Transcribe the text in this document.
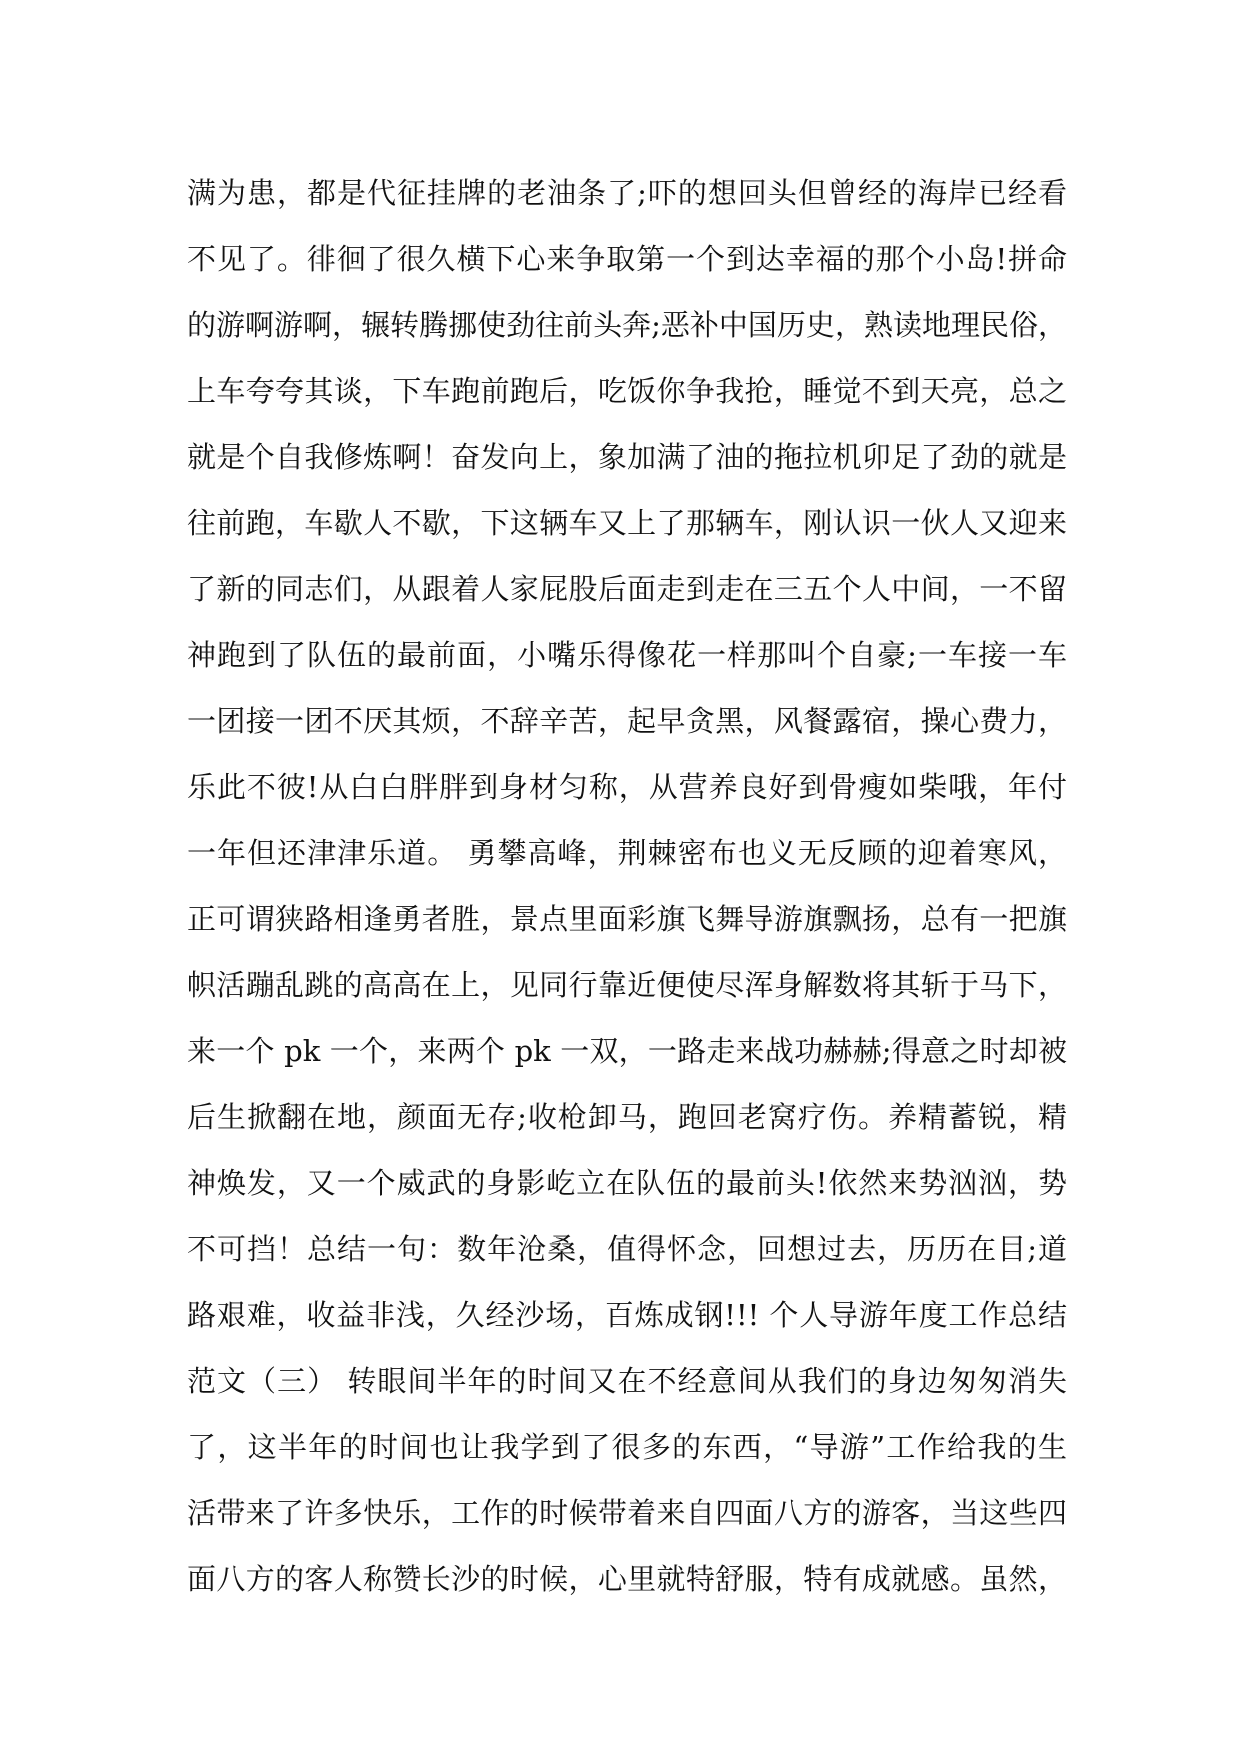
满为患，都是代征挂牌的老油条了;吓的想回头但曾经的海岸已经看
不见了。徘徊了很久横下心来争取第一个到达幸福的那个小岛!拼命
的游啊游啊，辗转腾挪使劲往前头奔;恶补中国历史，熟读地理民俗，
上车夸夸其谈，下车跑前跑后，吃饭你争我抢，睡觉不到天亮，总之
就是个自我修炼啊！奋发向上，象加满了油的拖拉机卯足了劲的就是
往前跑，车歇人不歇，下这辆车又上了那辆车，刚认识一伙人又迎来
了新的同志们，从跟着人家屁股后面走到走在三五个人中间，一不留
神跑到了队伍的最前面，小嘴乐得像花一样那叫个自豪;一车接一车
一团接一团不厌其烦，不辞辛苦，起早贪黑，风餐露宿，操心费力，
乐此不彼!从白白胖胖到身材匀称，从营养良好到骨瘦如柴哦，年付
一年但还津津乐道。 勇攀高峰，荆棘密布也义无反顾的迎着寒风，
正可谓狭路相逢勇者胜，景点里面彩旗飞舞导游旗飘扬，总有一把旗
帜活蹦乱跳的高高在上，见同行靠近便使尽浑身解数将其斩于马下，
来一个 pk 一个，来两个 pk 一双，一路走来战功赫赫;得意之时却被
后生掀翻在地，颜面无存;收枪卸马，跑回老窝疗伤。养精蓄锐，精
神焕发，又一个威武的身影屹立在队伍的最前头!依然来势汹汹，势
不可挡！总结一句：数年沧桑，值得怀念，回想过去，历历在目;道
路艰难，收益非浅，久经沙场，百炼成钢!!! 个人导游年度工作总结
范文（三） 转眼间半年的时间又在不经意间从我们的身边匆匆消失
了，这半年的时间也让我学到了很多的东西，“导游”工作给我的生
活带来了许多快乐，工作的时候带着来自四面八方的游客，当这些四
面八方的客人称赞长沙的时候，心里就特舒服，特有成就感。虽然，
